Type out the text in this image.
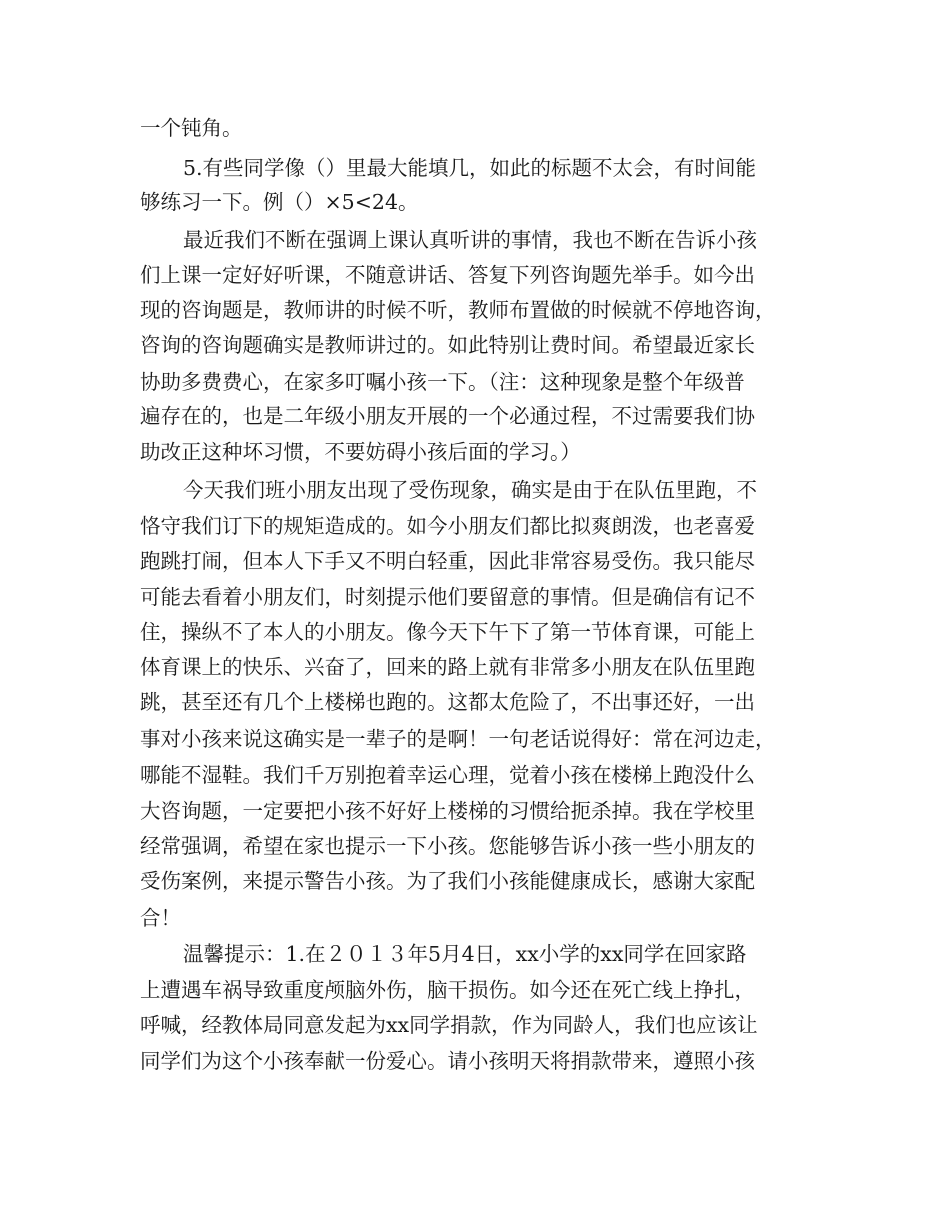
一个钝角。
5.有些同学像（）里最大能填几，如此的标题不太会，有时间能
够练习一下。例（）×5<24。
最近我们不断在强调上课认真听讲的事情，我也不断在告诉小孩
们上课一定好好听课，不随意讲话、答复下列咨询题先举手。如今出
现的咨询题是，教师讲的时候不听，教师布置做的时候就不停地咨询，
咨询的咨询题确实是教师讲过的。如此特别让费时间。希望最近家长
协助多费费心，在家多叮嘱小孩一下。（注：这种现象是整个年级普
遍存在的，也是二年级小朋友开展的一个必通过程，不过需要我们协
助改正这种坏习惯，不要妨碍小孩后面的学习。）
今天我们班小朋友出现了受伤现象，确实是由于在队伍里跑，不
恪守我们订下的规矩造成的。如今小朋友们都比拟爽朗泼，也老喜爱
跑跳打闹，但本人下手又不明白轻重，因此非常容易受伤。我只能尽
可能去看着小朋友们，时刻提示他们要留意的事情。但是确信有记不
住，操纵不了本人的小朋友。像今天下午下了第一节体育课，可能上
体育课上的快乐、兴奋了，回来的路上就有非常多小朋友在队伍里跑
跳，甚至还有几个上楼梯也跑的。这都太危险了，不出事还好，一出
事对小孩来说这确实是一辈子的是啊！一句老话说得好：常在河边走，
哪能不湿鞋。我们千万别抱着幸运心理，觉着小孩在楼梯上跑没什么
大咨询题，一定要把小孩不好好上楼梯的习惯给扼杀掉。我在学校里
经常强调，希望在家也提示一下小孩。您能够告诉小孩一些小朋友的
受伤案例，来提示警告小孩。为了我们小孩能健康成长，感谢大家配
合！
温馨提示：1.在２０１３年5月4日，xx小学的xx同学在回家路
上遭遇车祸导致重度颅脑外伤，脑干损伤。如今还在死亡线上挣扎，
呼喊，经教体局同意发起为xx同学捐款，作为同龄人，我们也应该让
同学们为这个小孩奉献一份爱心。请小孩明天将捐款带来，遵照小孩
